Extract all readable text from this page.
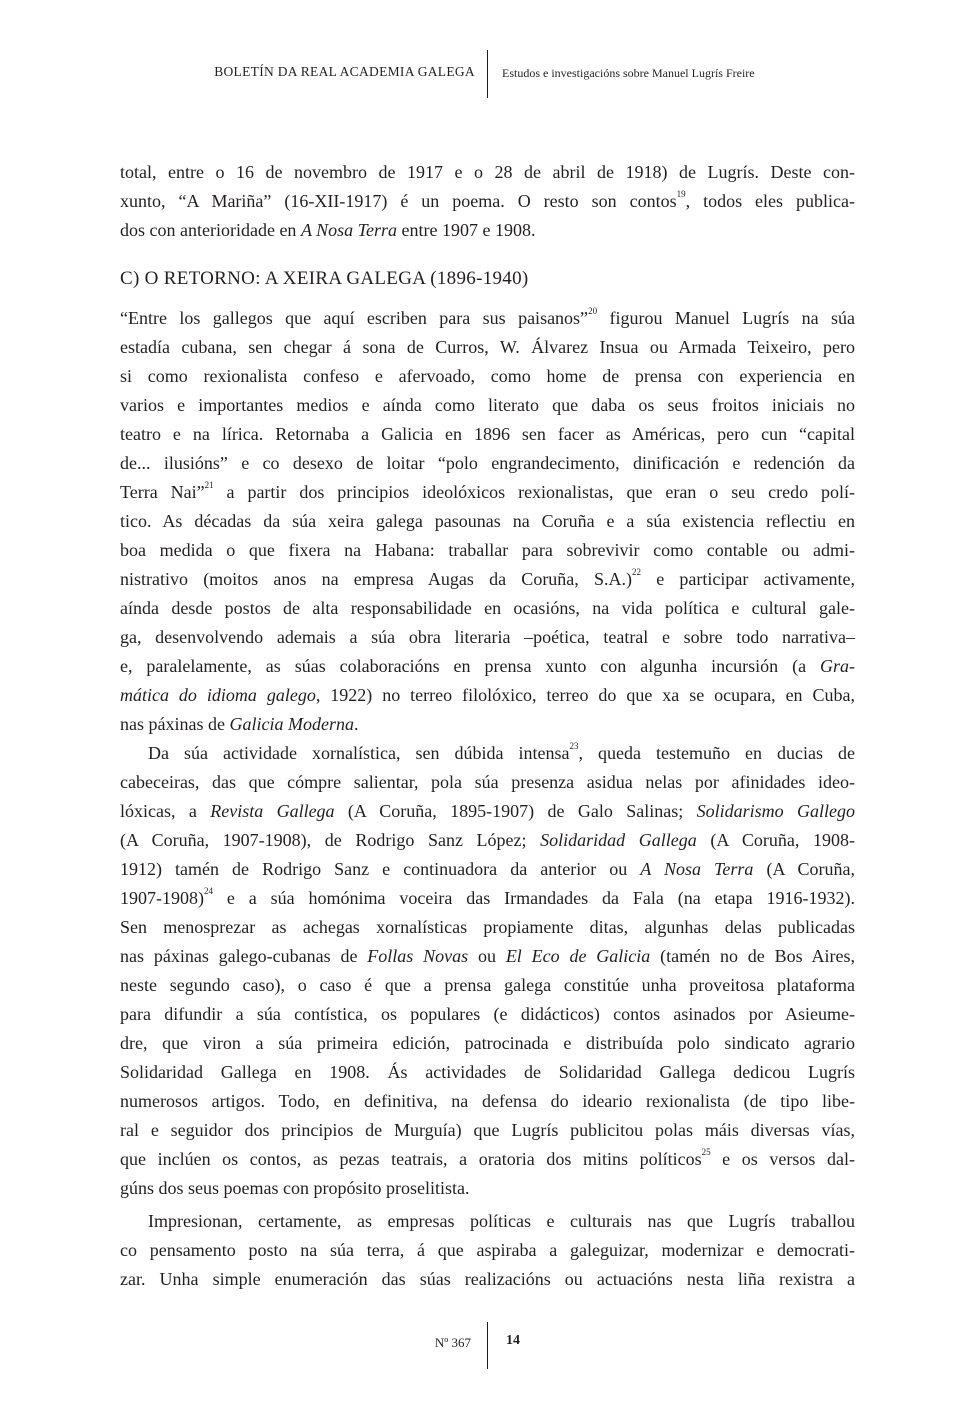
BOLETÍN DA REAL ACADEMIA GALEGA Estudos e investigacións sobre Manuel Lugrís Freire
total, entre o 16 de novembro de 1917 e o 28 de abril de 1918) de Lugrís. Deste con-
xunto, “A Mariña” (16-XII-1917) é un poema. O resto son contos$^{19}$, todos eles publica-
dos con anterioridade en A Nosa Terra entre 1907 e 1908.
C) O RETORNO: A XEIRA GALEGA (1896-1940)
“Entre los gallegos que aquí escriben para sus paisanos”$^{20}$ figurou Manuel Lugrís na súa
estadía cubana, sen chegar á sona de Curros, W. Álvarez Insua ou Armada Teixeiro, pero
si como rexionalista confeso e afervoado, como home de prensa con experiencia en
varios e importantes medios e aínda como literato que daba os seus froitos iniciais no
teatro e na lírica. Retornaba a Galicia en 1896 sen facer as Américas, pero cun “capital
de... ilusións” e co desexo de loitar “polo engrandecimento, dinificación e redención da
Terra Nai”$^{21}$ a partir dos principios ideolóxicos rexionalistas, que eran o seu credo polí-
tico. As décadas da súa xeira galega pasounas na Coruña e a súa existencia reflectiu en
boa medida o que fixera na Habana: traballar para sobrevivir como contable ou admi-
nistrativo (moitos anos na empresa Augas da Coruña, S.A.)$^{22}$ e participar activamente,
aínda desde postos de alta responsabilidade en ocasións, na vida política e cultural gale-
ga, desenvolvendo ademais a súa obra literaria –poética, teatral e sobre todo narrativa–
e, paralelamente, as súas colaboracións en prensa xunto con algunha incursión (a Gra-
mática do idioma galego, 1922) no terreo filolóxico, terreo do que xa se ocupara, en Cuba,
nas páxinas de Galicia Moderna.
Da súa actividade xornalística, sen dúbida intensa$^{23}$, queda testemuño en ducias de
cabeceiras, das que cómpre salientar, pola súa presenza asidua nelas por afinidades ideo-
lóxicas, a Revista Gallega (A Coruña, 1895-1907) de Galo Salinas; Solidarismo Gallego
(A Coruña, 1907-1908), de Rodrigo Sanz López; Solidaridad Gallega (A Coruña, 1908-
1912) tamén de Rodrigo Sanz e continuadora da anterior ou A Nosa Terra (A Coruña,
1907-1908)$^{24}$ e a súa homónima voceira das Irmandades da Fala (na etapa 1916-1932).
Sen menosprezar as achegas xornalísticas propiamente ditas, algunhas delas publicadas
nas páxinas galego-cubanas de Follas Novas ou El Eco de Galicia (tamén no de Bos Aires,
neste segundo caso), o caso é que a prensa galega constitúe unha proveitosa plataforma
para difundir a súa contística, os populares (e didácticos) contos asinados por Asieume-
dre, que viron a súa primeira edición, patrocinada e distribuída polo sindicato agrario
Solidaridad Gallega en 1908. Ás actividades de Solidaridad Gallega dedicou Lugrís
numerosos artigos. Todo, en definitiva, na defensa do ideario rexionalista (de tipo libe-
ral e seguidor dos principios de Murguía) que Lugrís publicitou polas máis diversas vías,
que inclúen os contos, as pezas teatrais, a oratoria dos mitins políticos$^{25}$ e os versos dal-
gúns dos seus poemas con propósito proselitista.
Impresionan, certamente, as empresas políticas e culturais nas que Lugrís traballou
co pensamento posto na súa terra, á que aspiraba a galeguizar, modernizar e democrati-
zar. Unha simple enumeración das súas realizacións ou actuacións nesta liña rexistra a
Nº 367	14
